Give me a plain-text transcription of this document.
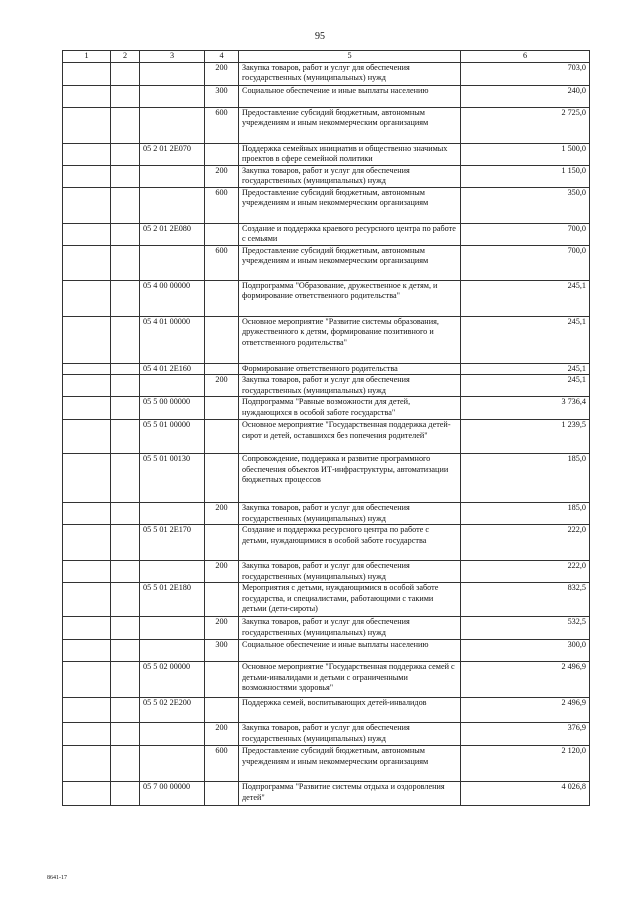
95
1	2	3	4	5	6
			200	Закупка товаров, работ и услуг для обеспечения государственных (муниципальных) нужд	703,0
			300	Социальное обеспечение и иные выплаты населению	240,0
			600	Предоставление субсидий бюджетным, автономным учреждениям и иным некоммерческим организациям	2 725,0
		05 2 01 2Е070		Поддержка семейных инициатив и общественно значимых проектов в сфере семейной политики	1 500,0
			200	Закупка товаров, работ и услуг для обеспечения государственных (муниципальных) нужд	1 150,0
			600	Предоставление субсидий бюджетным, автономным учреждениям и иным некоммерческим организациям	350,0
		05 2 01 2Е080		Создание и поддержка краевого ресурсного центра по работе с семьями	700,0
			600	Предоставление субсидий бюджетным, автономным учреждениям и иным некоммерческим организациям	700,0
		05 4 00 00000		Подпрограмма "Образование, дружественное к детям, и формирование ответственного родительства"	245,1
		05 4 01 00000		Основное мероприятие "Развитие системы образования, дружественного к детям, формирование позитивного и ответственного родительства"	245,1
		05 4 01 2Е160		Формирование ответственного родительства	245,1
			200	Закупка товаров, работ и услуг для обеспечения государственных (муниципальных) нужд	245,1
		05 5 00 00000		Подпрограмма "Равные возможности для детей, нуждающихся в особой заботе государства"	3 736,4
		05 5 01 00000		Основное мероприятие "Государственная поддержка детей-сирот и детей, оставшихся без попечения родителей"	1 239,5
		05 5 01 00130		Сопровождение, поддержка и развитие программного обеспечения объектов ИТ-инфраструктуры, автоматизации бюджетных процессов	185,0
			200	Закупка товаров, работ и услуг для обеспечения государственных (муниципальных) нужд	185,0
		05 5 01 2Е170		Создание и поддержка ресурсного центра по работе с детьми, нуждающимися в особой заботе государства	222,0
			200	Закупка товаров, работ и услуг для обеспечения государственных (муниципальных) нужд	222,0
		05 5 01 2Е180		Мероприятия с детьми, нуждающимися в особой заботе государства, и специалистами, работающими с такими детьми (дети-сироты)	832,5
			200	Закупка товаров, работ и услуг для обеспечения государственных (муниципальных) нужд	532,5
			300	Социальное обеспечение и иные выплаты населению	300,0
		05 5 02 00000		Основное мероприятие "Государственная поддержка семей с детьми-инвалидами и детьми с ограниченными возможностями здоровья"	2 496,9
		05 5 02 2Е200		Поддержка семей, воспитывающих детей-инвалидов	2 496,9
			200	Закупка товаров, работ и услуг для обеспечения государственных (муниципальных) нужд	376,9
			600	Предоставление субсидий бюджетным, автономным учреждениям и иным некоммерческим организациям	2 120,0
		05 7 00 00000		Подпрограмма "Развитие системы отдыха и оздоровления детей"	4 026,8
8641-17
